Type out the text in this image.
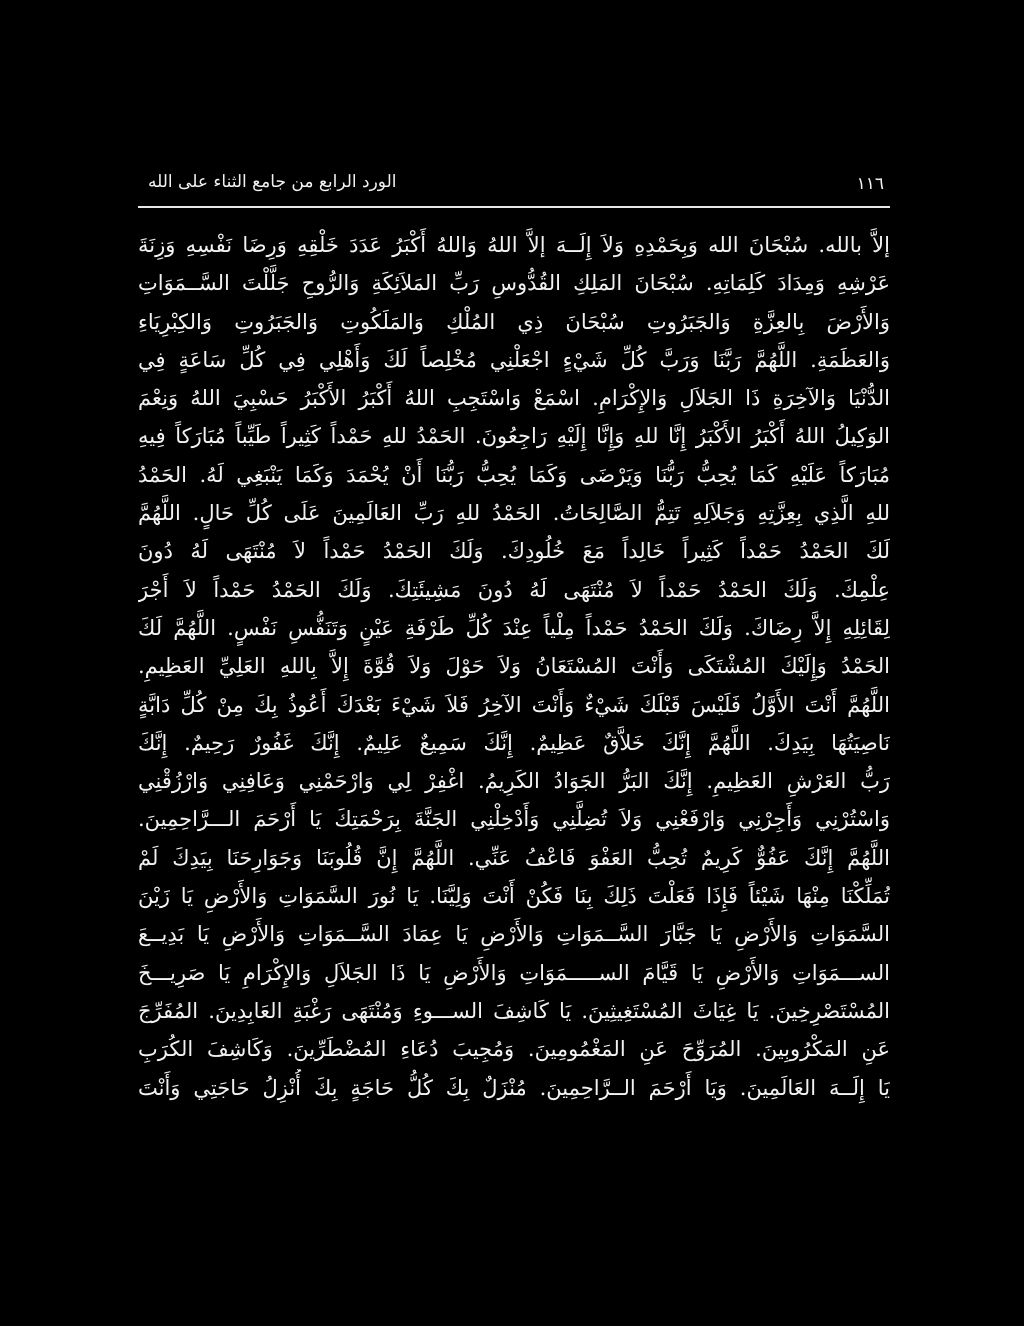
الورد الرابع من جامع الثناء على الله	١١٦
إلاَّ بالله. سُبْحَانَ الله وَبِحَمْدِهِ وَلاَ إِلَــهَ إلاَّ اللهُ وَاللهُ أَكْبَرُ عَدَدَ خَلْقِهِ وَرِضَا نَفْسِهِ وَزِنَةَ
عَرْشِهِ وَمِدَادَ كَلِمَاتِهِ. سُبْحَانَ المَلِكِ القُدُّوسِ رَبِّ المَلاَئِكَةِ وَالرُّوحِ جَلَّلْتَ السَّــمَوَاتِ
وَالأَرْضَ بِالعِزَّةِ وَالجَبَرُوتِ سُبْحَانَ ذِي المُلْكِ وَالمَلَكُوتِ وَالجَبَرُوتِ وَالكِبْرِيَاءِ
وَالعَظَمَةِ. اللَّهُمَّ رَبَّنَا وَرَبَّ كُلِّ شَيْءٍ اجْعَلْنِي مُخْلِصاً لَكَ وَأَهْلِي فِي كُلِّ سَاعَةٍ فِي
الدُّنْيَا وَالآخِرَةِ ذَا الجَلاَلِ وَالإِكْرَامِ. اسْمَعْ وَاسْتَجِبِ اللهُ أَكْبَرُ الأَكْبَرُ حَسْبِيَ اللهُ وَنِعْمَ
الوَكِيلُ اللهُ أَكْبَرُ الأَكْبَرُ إِنَّا للهِ وَإِنَّا إِلَيْهِ رَاجِعُونَ. الحَمْدُ للهِ حَمْداً كَثِيراً طَيِّباً مُبَارَكاً فِيهِ
مُبَارَكاً عَلَيْهِ كَمَا يُحِبُّ رَبُّنَا وَيَرْضَى وَكَمَا يُحِبُّ رَبُّنَا أَنْ يُحْمَدَ وَكَمَا يَنْبَغِي لَهُ. الحَمْدُ
للهِ الَّذِي بِعِزَّتِهِ وَجَلاَلِهِ تَتِمُّ الصَّالِحَاتُ. الحَمْدُ للهِ رَبِّ العَالَمِينَ عَلَى كُلِّ حَالٍ. اللَّهُمَّ
لَكَ الحَمْدُ حَمْداً كَثِيراً خَالِداً مَعَ خُلُودِكَ. وَلَكَ الحَمْدُ حَمْداً لاَ مُنْتَهَى لَهُ دُونَ
عِلْمِكَ. وَلَكَ الحَمْدُ حَمْداً لاَ مُنْتَهَى لَهُ دُونَ مَشِيئَتِكَ. وَلَكَ الحَمْدُ حَمْداً لاَ أَجْرَ
لِقَائِلِهِ إِلاَّ رِضَاكَ. وَلَكَ الحَمْدُ حَمْداً مِلْياً عِنْدَ كُلِّ طَرْفَةِ عَيْنٍ وَتَنَفُّسِ نَفْسٍ. اللَّهُمَّ لَكَ
الحَمْدُ وَإِلَيْكَ المُشْتَكَى وَأَنْتَ المُسْتَعَانُ وَلاَ حَوْلَ وَلاَ قُوَّةَ إِلاَّ بِاللهِ العَلِيِّ العَظِيمِ.
اللَّهُمَّ أَنْتَ الأَوَّلُ فَلَيْسَ قَبْلَكَ شَيْءٌ وَأَنْتَ الآخِرُ فَلاَ شَيْءَ بَعْدَكَ أَعُوذُ بِكَ مِنْ كُلِّ دَابَّةٍ
نَاصِيَتُهَا بِيَدِكَ. اللَّهُمَّ إِنَّكَ خَلاَّقٌ عَظِيمٌ. إِنَّكَ سَمِيعٌ عَلِيمٌ. إِنَّكَ غَفُورٌ رَحِيمٌ. إِنَّكَ
رَبُّ العَرْشِ العَظِيمِ. إِنَّكَ البَرُّ الجَوَادُ الكَرِيمُ. اغْفِرْ لِي وَارْحَمْنِي وَعَافِنِي وَارْزُقْنِي
وَاسْتُرْنِي وَأَجِرْنِي وَارْفَعْنِي وَلاَ تُضِلَّنِي وَأَدْخِلْنِي الجَنَّةَ بِرَحْمَتِكَ يَا أَرْحَمَ الـــرَّاحِمِينَ.
اللَّهُمَّ إِنَّكَ عَفُوٌّ كَرِيمٌ تُحِبُّ العَفْوَ فَاعْفُ عَنِّي. اللَّهُمَّ إِنَّ قُلُوبَنَا وَجَوَارِحَنَا بِيَدِكَ لَمْ
تُمَلِّكْنَا مِنْهَا شَيْئاً فَإِذَا فَعَلْتَ ذَلِكَ بِنَا فَكُنْ أَنْتَ وَلِيَّنَا. يَا نُورَ السَّمَوَاتِ وَالأَرْضِ يَا زَيْنَ
السَّمَوَاتِ وَالأَرْضِ يَا جَبَّارَ السَّــمَوَاتِ وَالأَرْضِ يَا عِمَادَ السَّــمَوَاتِ وَالأَرْضِ يَا بَدِيــعَ
الســـمَوَاتِ وَالأَرْضِ يَا قَيَّامَ الســـــمَوَاتِ وَالأَرْضِ يَا ذَا الجَلاَلِ وَالإِكْرَامِ يَا صَرِيـــخَ
المُسْتَصْرِخِينَ. يَا غِيَاثَ المُسْتَغِيثِينَ. يَا كَاشِفَ الســـوءِ وَمُنْتَهَى رَغْبَةِ العَابِدِينَ. المُفَرِّجَ
عَنِ المَكْرُوبِينَ. المُرَوِّحَ عَنِ المَغْمُومِينَ. وَمُجِيبَ دُعَاءِ المُضْطَرِّينَ. وَكَاشِفَ الكُرَبِ
يَا إِلَــهَ العَالَمِينَ. وَيَا أَرْحَمَ الــرَّاحِمِينَ. مُنْزَلٌ بِكَ كُلُّ حَاجَةٍ بِكَ أُنْزِلُ حَاجَتِي وَأَنْتَ
